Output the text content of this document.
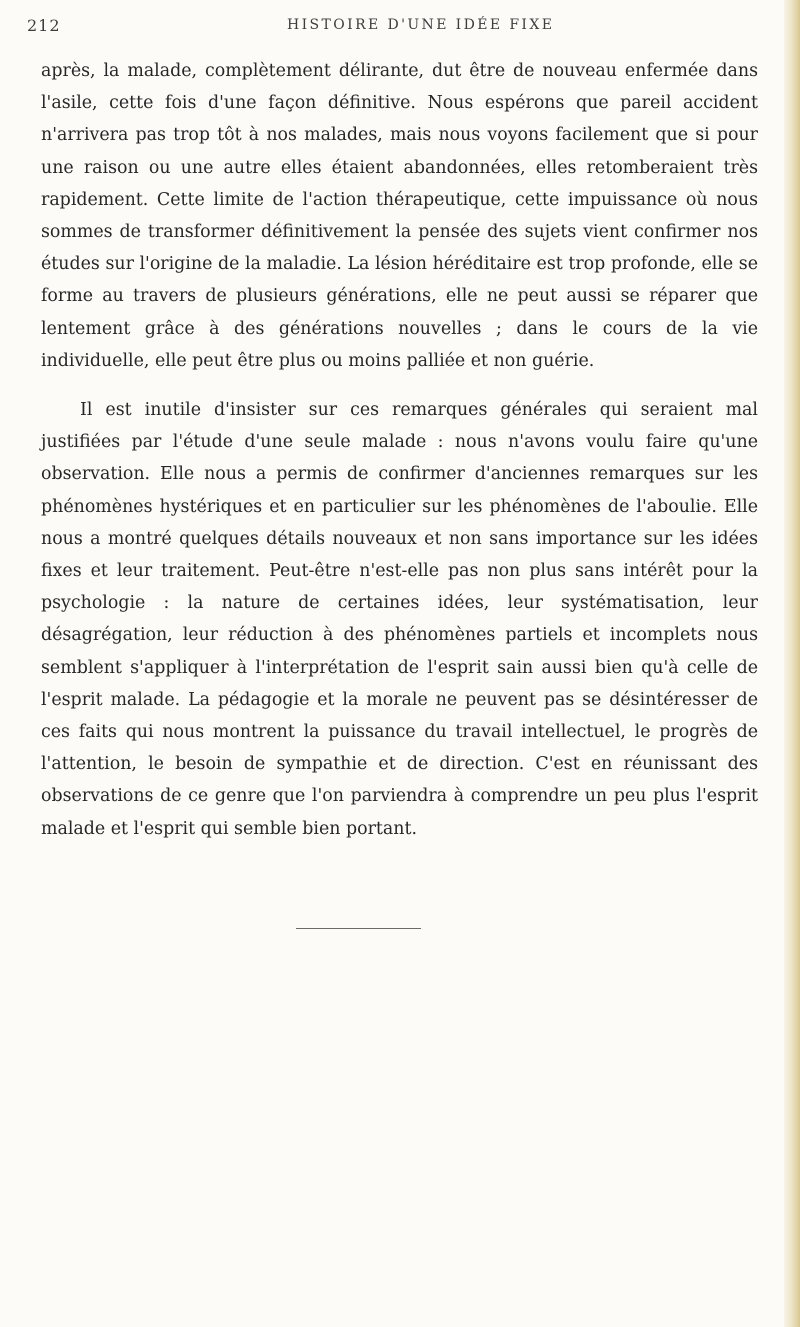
212	HISTOIRE D'UNE IDÉE FIXE

après, la malade, complètement délirante, dut être de nouveau enfermée dans l'asile, cette fois d'une façon définitive. Nous espérons que pareil accident n'arrivera pas trop tôt à nos malades, mais nous voyons facilement que si pour une raison ou une autre elles étaient abandonnées, elles retomberaient très rapidement. Cette limite de l'action thérapeutique, cette impuissance où nous sommes de transformer définitivement la pensée des sujets vient confirmer nos études sur l'origine de la maladie. La lésion héréditaire est trop profonde, elle se forme au travers de plusieurs générations, elle ne peut aussi se réparer que lentement grâce à des générations nouvelles ; dans le cours de la vie individuelle, elle peut être plus ou moins palliée et non guérie.

Il est inutile d'insister sur ces remarques générales qui seraient mal justifiées par l'étude d'une seule malade : nous n'avons voulu faire qu'une observation. Elle nous a permis de confirmer d'anciennes remarques sur les phénomènes hystériques et en particulier sur les phénomènes de l'aboulie. Elle nous a montré quelques détails nouveaux et non sans importance sur les idées fixes et leur traitement. Peut-être n'est-elle pas non plus sans intérêt pour la psychologie : la nature de certaines idées, leur systématisation, leur désagrégation, leur réduction à des phénomènes partiels et incomplets nous semblent s'appliquer à l'interprétation de l'esprit sain aussi bien qu'à celle de l'esprit malade. La pédagogie et la morale ne peuvent pas se désintéresser de ces faits qui nous montrent la puissance du travail intellectuel, le progrès de l'attention, le besoin de sympathie et de direction. C'est en réunissant des observations de ce genre que l'on parviendra à comprendre un peu plus l'esprit malade et l'esprit qui semble bien portant.
